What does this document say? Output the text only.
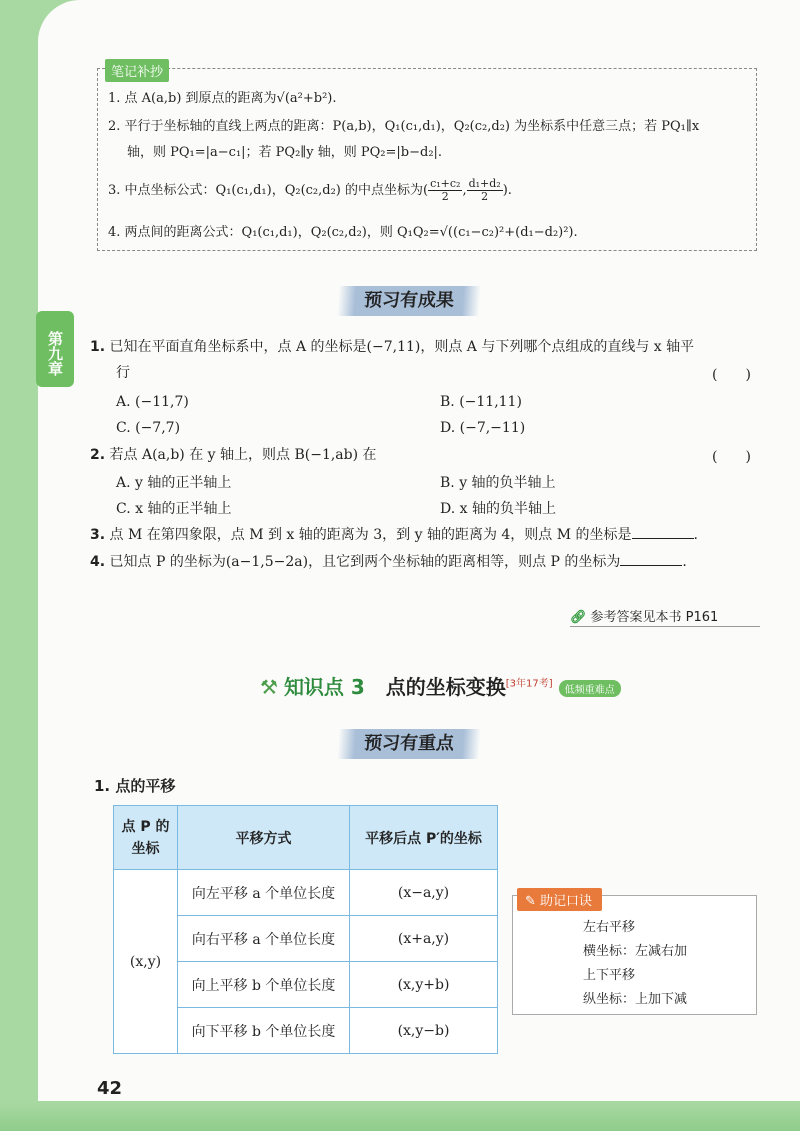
第九章
笔记补抄
1. 点 A(a,b) 到原点的距离为√(a²+b²).
2. 平行于坐标轴的直线上两点的距离：P(a,b)，Q₁(c₁,d₁)，Q₂(c₂,d₂) 为坐标系中任意三点；若 PQ₁∥x
轴，则 PQ₁=|a−c₁|；若 PQ₂∥y 轴，则 PQ₂=|b−d₂|.
3. 中点坐标公式：Q₁(c₁,d₁)，Q₂(c₂,d₂) 的中点坐标为( $\frac{\text{c₁+c₂}}{2}$ , $\frac{\text{d₁+d₂}}{2}$ ).
4. 两点间的距离公式：Q₁(c₁,d₁)，Q₂(c₂,d₂)，则 Q₁Q₂=√((c₁−c₂)²+(d₁−d₂)²).
预习有成果
1. 已知在平面直角坐标系中，点 A 的坐标是(−7,11)，则点 A 与下列哪个点组成的直线与 x 轴平
行	(　　)
A. (−11,7)	B. (−11,11)
C. (−7,7)	D. (−7,−11)
2. 若点 A(a,b) 在 y 轴上，则点 B(−1,ab) 在	(　　)
A. y 轴的正半轴上	B. y 轴的负半轴上
C. x 轴的正半轴上	D. x 轴的负半轴上
3. 点 M 在第四象限，点 M 到 x 轴的距离为 3，到 y 轴的距离为 4，则点 M 的坐标是	.
4. 已知点 P 的坐标为(a−1,5−2a)，且它到两个坐标轴的距离相等，则点 P 的坐标为	.
🔗︎ 参考答案见本书 P161
⚒ 知识点 3 点的坐标变换[3年17考]低频重难点
预习有重点
1. 点的平移
点 P 的
坐标	平移方式	平移后点 P′的坐标
(x,y)	向左平移 a 个单位长度	(x−a,y)
	向右平移 a 个单位长度	(x+a,y)
	向上平移 b 个单位长度	(x,y+b)
	向下平移 b 个单位长度	(x,y−b)
✎ 助记口诀
左右平移
横坐标：左减右加
上下平移
纵坐标：上加下减
42
